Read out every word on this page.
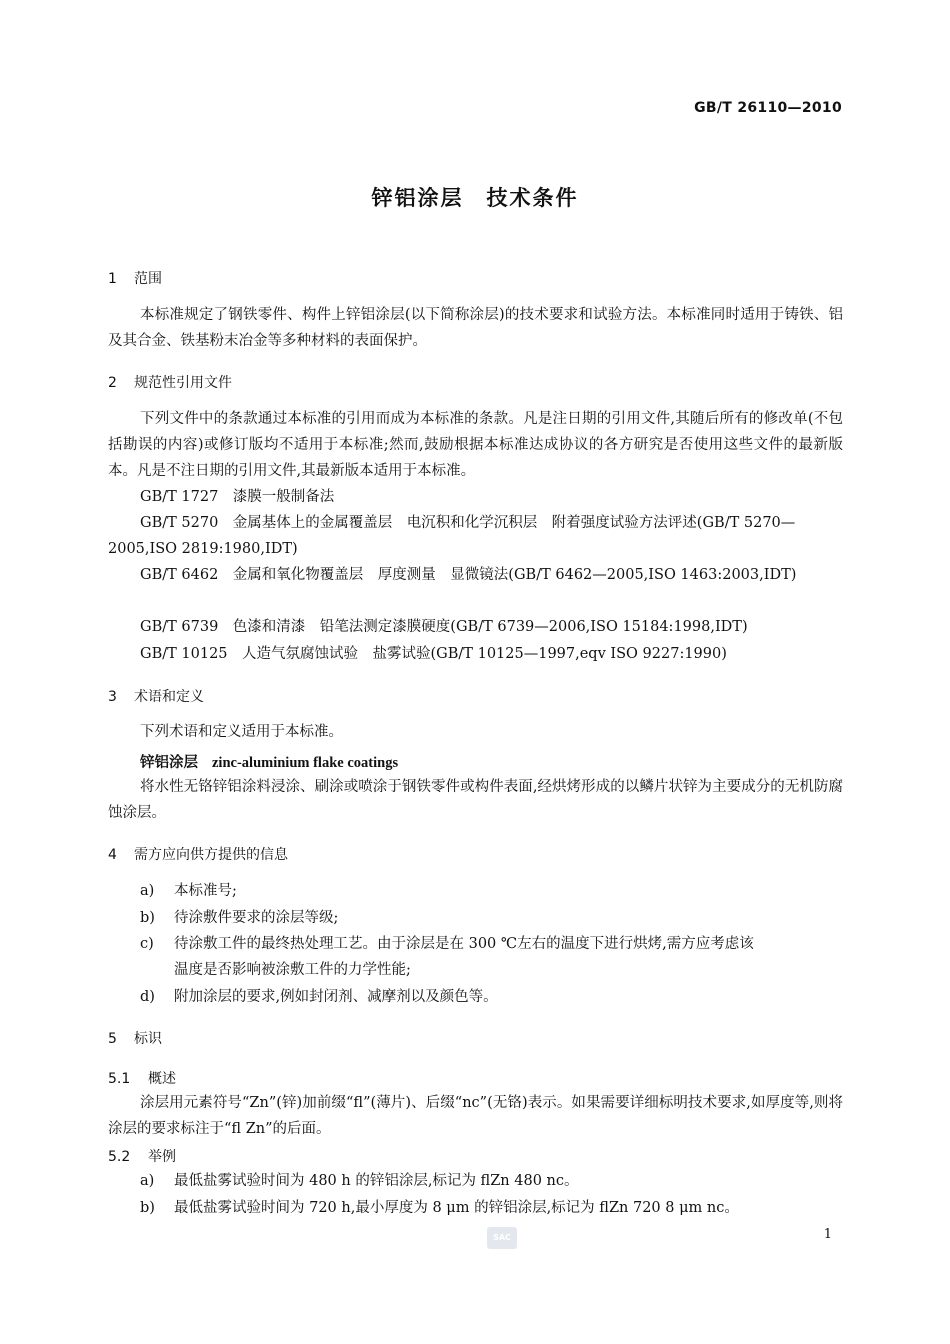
GB/T 26110—2010
锌铝涂层　技术条件
1 范围
本标准规定了钢铁零件、构件上锌铝涂层(以下简称涂层)的技术要求和试验方法。本标准同时适用于铸铁、铝及其合金、铁基粉末冶金等多种材料的表面保护。
2 规范性引用文件
下列文件中的条款通过本标准的引用而成为本标准的条款。凡是注日期的引用文件,其随后所有的修改单(不包括勘误的内容)或修订版均不适用于本标准;然而,鼓励根据本标准达成协议的各方研究是否使用这些文件的最新版本。凡是不注日期的引用文件,其最新版本适用于本标准。
GB/T 1727　漆膜一般制备法
GB/T 5270　金属基体上的金属覆盖层　电沉积和化学沉积层　附着强度试验方法评述(GB/T 5270—2005,ISO 2819:1980,IDT)
GB/T 6462　金属和氧化物覆盖层　厚度测量　显微镜法(GB/T 6462—2005,ISO 1463:2003,IDT)
GB/T 6739　色漆和清漆　铅笔法测定漆膜硬度(GB/T 6739—2006,ISO 15184:1998,IDT)
GB/T 10125　人造气氛腐蚀试验　盐雾试验(GB/T 10125—1997,eqv ISO 9227:1990)
3 术语和定义
下列术语和定义适用于本标准。
锌铝涂层 zinc-aluminium flake coatings
将水性无铬锌铝涂料浸涂、刷涂或喷涂于钢铁零件或构件表面,经烘烤形成的以鳞片状锌为主要成分的无机防腐蚀涂层。
4 需方应向供方提供的信息
a) 本标准号;
b) 待涂敷件要求的涂层等级;
c) 待涂敷工件的最终热处理工艺。由于涂层是在 300 ℃左右的温度下进行烘烤,需方应考虑该
温度是否影响被涂敷工件的力学性能;
d) 附加涂层的要求,例如封闭剂、减摩剂以及颜色等。
5 标识
5.1 概述
涂层用元素符号“Zn”(锌)加前缀“fl”(薄片)、后缀“nc”(无铬)表示。如果需要详细标明技术要求,如厚度等,则将涂层的要求标注于“fl Zn”的后面。
5.2 举例
a) 最低盐雾试验时间为 480 h 的锌铝涂层,标记为 flZn 480 nc。
b) 最低盐雾试验时间为 720 h,最小厚度为 8 μm 的锌铝涂层,标记为 flZn 720 8 μm nc。
SAC	1
